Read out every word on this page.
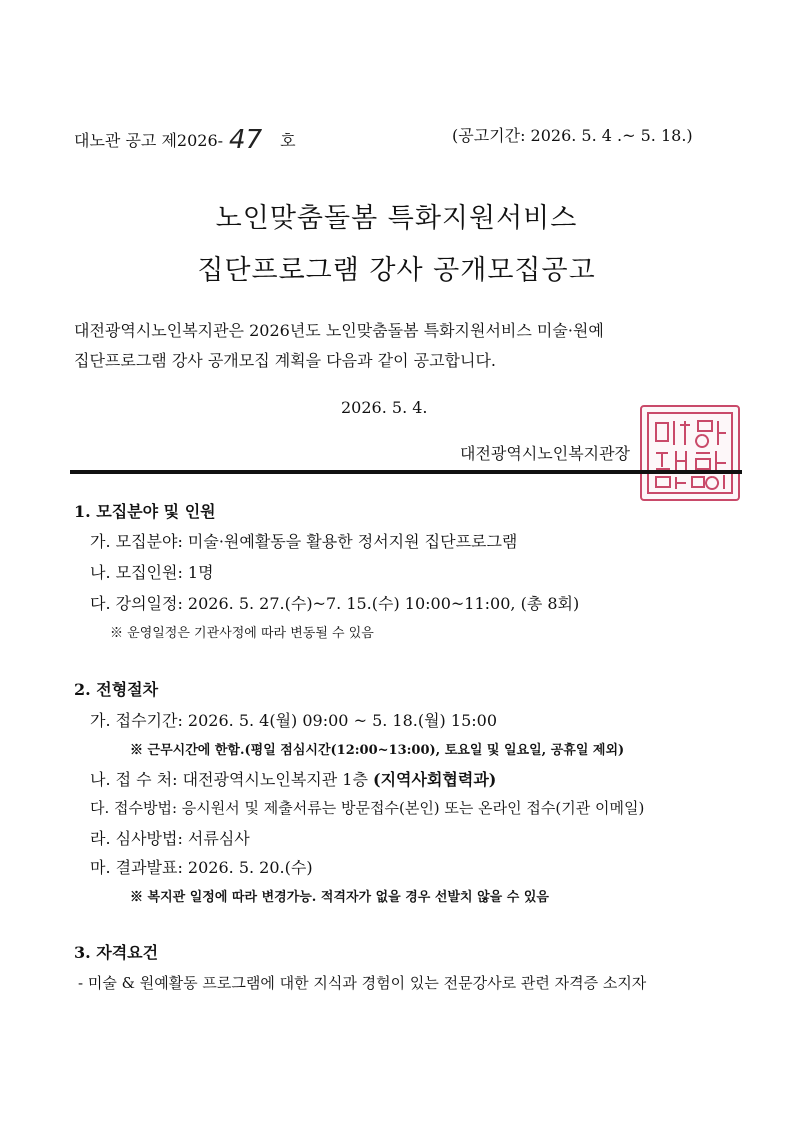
대노관 공고 제2026- 47 호	(공고기간: 2026. 5. 4 .~ 5. 18.)
노인맞춤돌봄 특화지원서비스
집단프로그램 강사 공개모집공고
대전광역시노인복지관은 2026년도 노인맞춤돌봄 특화지원서비스 미술·원예
집단프로그램 강사 공개모집 계획을 다음과 같이 공고합니다.
2026. 5. 4.
대전광역시노인복지관장
1. 모집분야 및 인원
가. 모집분야: 미술·원예활동을 활용한 정서지원 집단프로그램
나. 모집인원: 1명
다. 강의일정: 2026. 5. 27.(수)~7. 15.(수) 10:00~11:00, (총 8회)
※ 운영일정은 기관사정에 따라 변동될 수 있음
2. 전형절차
가. 접수기간: 2026. 5. 4(월) 09:00 ~ 5. 18.(월) 15:00
※ 근무시간에 한함.(평일 점심시간(12:00~13:00), 토요일 및 일요일, 공휴일 제외)
나. 접 수 처: 대전광역시노인복지관 1층 (지역사회협력과)
다. 접수방법: 응시원서 및 제출서류는 방문접수(본인) 또는 온라인 접수(기관 이메일)
라. 심사방법: 서류심사
마. 결과발표: 2026. 5. 20.(수)
※ 복지관 일정에 따라 변경가능. 적격자가 없을 경우 선발치 않을 수 있음
3. 자격요건
- 미술 & 원예활동 프로그램에 대한 지식과 경험이 있는 전문강사로 관련 자격증 소지자
